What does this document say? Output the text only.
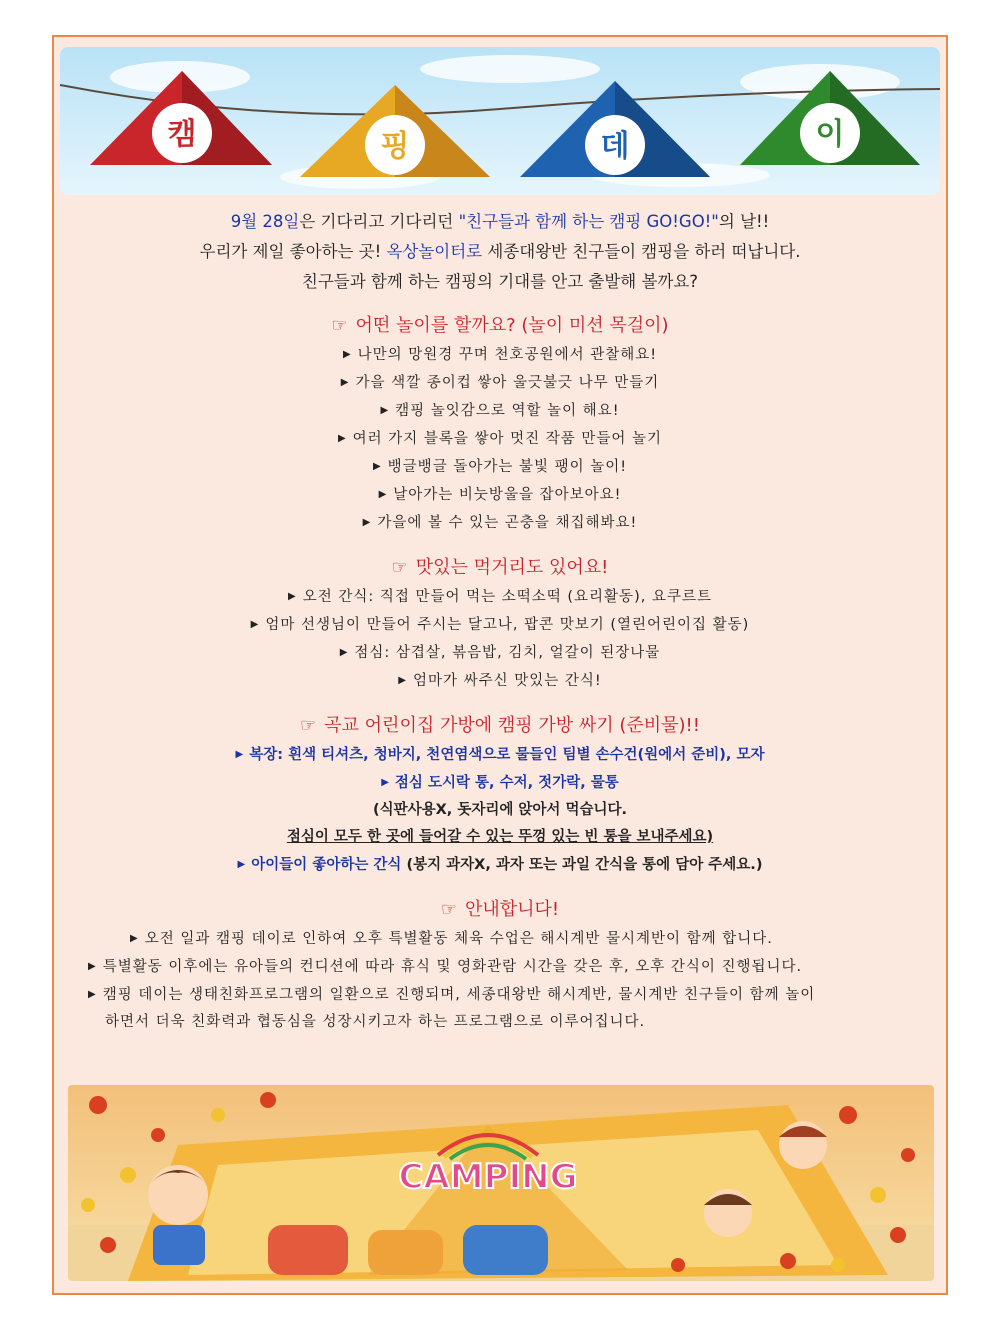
캠	핑	데	이
9월 28일은 기다리고 기다리던 "친구들과 함께 하는 캠핑 GO!GO!"의 날!!
우리가 제일 좋아하는 곳! 옥상놀이터로 세종대왕반 친구들이 캠핑을 하러 떠납니다.
친구들과 함께 하는 캠핑의 기대를 안고 출발해 볼까요?
☞ 어떤 놀이를 할까요? (놀이 미션 목걸이)
▶ 나만의 망원경 꾸며 천호공원에서 관찰해요!
▶ 가을 색깔 종이컵 쌓아 울긋불긋 나무 만들기
▶ 캠핑 놀잇감으로 역할 놀이 해요!
▶ 여러 가지 블록을 쌓아 멋진 작품 만들어 놀기
▶ 뱅글뱅글 돌아가는 불빛 팽이 놀이!
▶ 날아가는 비눗방울을 잡아보아요!
▶ 가을에 볼 수 있는 곤충을 채집해봐요!
☞ 맛있는 먹거리도 있어요!
▶ 오전 간식: 직접 만들어 먹는 소떡소떡 (요리활동), 요쿠르트
▶ 엄마 선생님이 만들어 주시는 달고나, 팝콘 맛보기 (열린어린이집 활동)
▶ 점심: 삼겹살, 볶음밥, 김치, 얼갈이 된장나물
▶ 엄마가 싸주신 맛있는 간식!
☞ 곡교 어린이집 가방에 캠핑 가방 싸기 (준비물)!!
▶ 복장: 흰색 티셔츠, 청바지, 천연염색으로 물들인 팀별 손수건(원에서 준비), 모자
▶ 점심 도시락 통, 수저, 젓가락, 물통
(식판사용X, 돗자리에 앉아서 먹습니다.
점심이 모두 한 곳에 들어갈 수 있는 뚜껑 있는 빈 통을 보내주세요)
▶ 아이들이 좋아하는 간식 (봉지 과자X, 과자 또는 과일 간식을 통에 담아 주세요.)
☞ 안내합니다!
▶ 오전 일과 캠핑 데이로 인하여 오후 특별활동 체육 수업은 해시계반 물시계반이 함께 합니다.
▶ 특별활동 이후에는 유아들의 컨디션에 따라 휴식 및 영화관람 시간을 갖은 후, 오후 간식이 진행됩니다.
▶ 캠핑 데이는 생태친화프로그램의 일환으로 진행되며, 세종대왕반 해시계반, 물시계반 친구들이 함께 놀이
하면서 더욱 친화력과 협동심을 성장시키고자 하는 프로그램으로 이루어집니다.
CAMPING
